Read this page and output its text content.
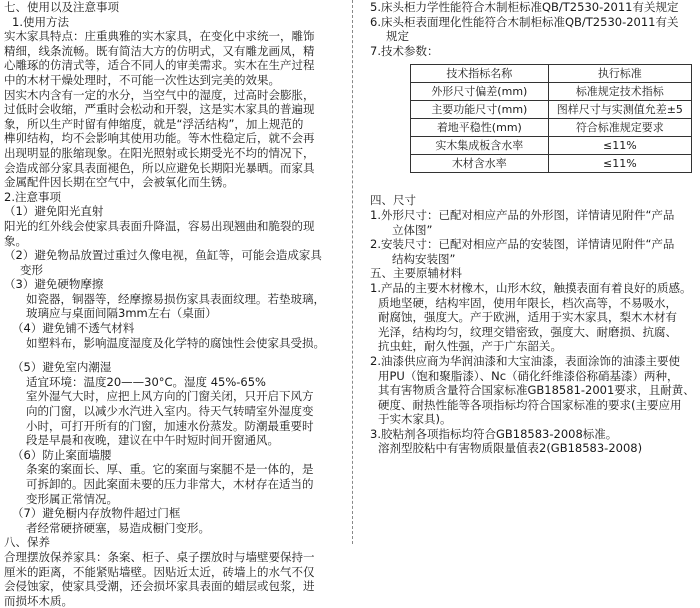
七、使用以及注意事项
1.使用方法
实木家具特点：庄重典雅的实木家具，在变化中求统一，雕饰
精细，线条流畅。既有简洁大方的仿明式，又有雕龙画凤，精
心雕琢的仿清式等，适合不同人的审美需求。实木在生产过程
中的木材干燥处理时，不可能一次性达到完美的效果。
因实木内含有一定的水分，当空气中的湿度，过高时会膨胀，
过低时会收缩，严重时会松动和开裂，这是实木家具的普遍现
象，所以生产时留有伸缩度，就是“浮活结构”，加上规范的
榫卯结构，均不会影响其使用功能。等木性稳定后，就不会再
出现明显的胀缩现象。在阳光照射或长期受光不均的情况下，
会造成部分家具表面褪色，所以应避免长期阳光暴晒。而家具
金属配件因长期在空气中，会被氧化而生锈。
2.注意事项
（1）避免阳光直射
阳光的红外线会使家具表面升降温，容易出现翘曲和脆裂的现
象。
（2）避免物品放置过重过久像电视，鱼缸等，可能会造成家具
变形
（3）避免硬物摩擦
如瓷器，铜器等，经摩擦易损伤家具表面纹理。若垫玻璃，
玻璃应与桌面间隔3mm左右（桌面）
（4）避免铺不透气材料
如塑料布，影响温度湿度及化学特的腐蚀性会使家具受损。
（5）避免室内潮湿
适宜环境：温度20——30°C。湿度 45%-65%
室外湿气大时，应把上风方向的门窗关闭，只开启下风方
向的门窗，以减少水汽进入室内。待天气转晴室外湿度变
小时，可打开所有的门窗，加速水份蒸发。防潮最重要时
段是早晨和夜晚，建议在中午时短时间开窗通风。
（6）防止案面墙腰
条案的案面长、厚、重。它的案面与案腿不是一体的，是
可拆卸的。因此案面未要的压力非常大，木材存在适当的
变形属正常情况。
（7）避免橱内存放物件超过门框
者经常硬挤硬塞，易造成橱门变形。
八、保养
合理摆放保养家具：条案、柜子、桌子摆放时与墙壁要保持一
厘米的距离，不能紧贴墙壁。因贴近太近，砖墙上的水气不仅
会侵蚀家，使家具受潮，还会损坏家具表面的蜡层或包浆，进
而损坏木质。
5.床头柜力学性能符合木制柜标准QB/T2530-2011有关规定
6.床头柜表面理化性能符合木制柜标准QB/T2530-2011有关
规定
7.技术参数：
技术指标名称	执行标准
外形尺寸偏差(mm)	标准规定技术指标
主要功能尺寸(mm)	图样尺寸与实测值允差±5
着地平稳性(mm)	符合标准规定要求
实木集成板含水率	≤11%
木材含水率	≤11%
四、尺寸
1.外形尺寸：已配对相应产品的外形图，详情请见附件“产品
立体图”
2.安装尺寸：已配对相应产品的安装图，详情请见附件“产品
结构安装图”
五、主要原辅材料
1.产品的主要木材橡木，山形木纹，触摸表面有着良好的质感。
质地坚硬，结构牢固，使用年限长，档次高等，不易吸水，
耐腐蚀，强度大。产于欧洲，适用于实木家具，梨木木材有
光泽，结构均匀，纹理交错密致，强度大、耐磨损、抗腐、
抗虫蛀，耐久性强，产于广东韶关。
2.油漆供应商为华润油漆和大宝油漆，表面涂饰的油漆主要使
用PU（饱和聚脂漆）、Nc（硝化纤维漆俗称硝基漆）两种，
其有害物质含量符合国家标准GB18581-2001要求，且耐黄、
硬度、耐热性能等各项指标均符合国家标准的要求(主要应用
于实木家具)。
3.胶粘剂各项指标均符合GB18583-2008标准。
溶剂型胶粘中有害物质限量值表2(GB18583-2008)
